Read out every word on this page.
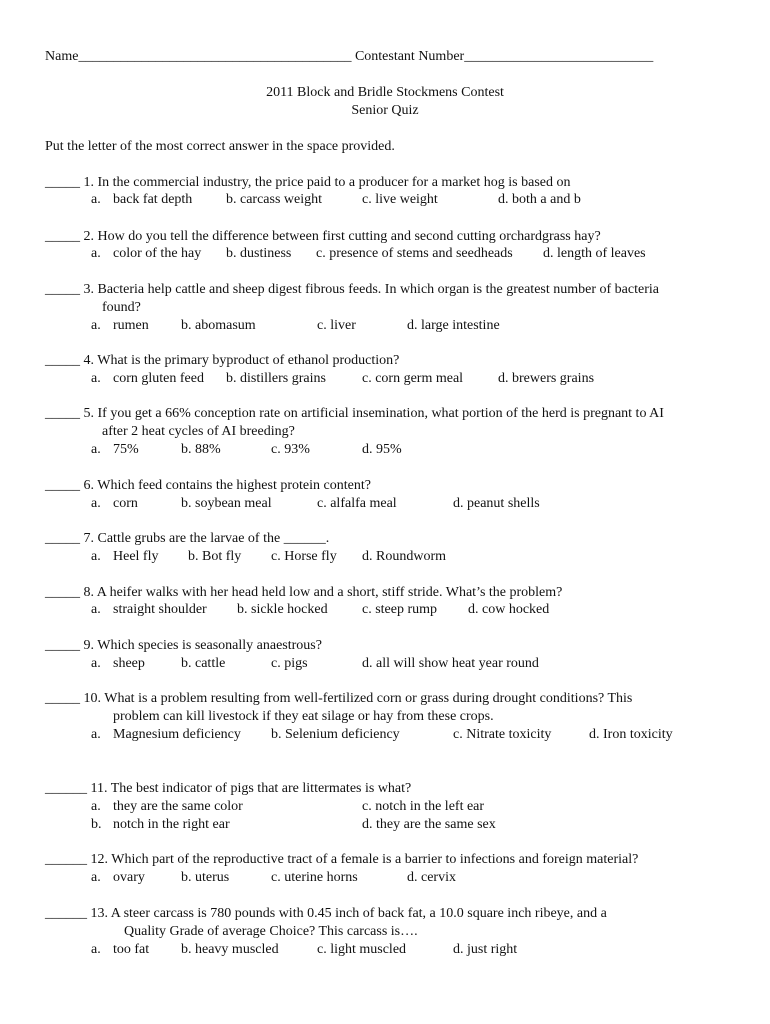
Name_______________________________________ Contestant Number___________________________
2011 Block and Bridle Stockmens Contest
Senior Quiz
Put the letter of the most correct answer in the space provided.
_____ 1. In the commercial industry, the price paid to a producer for a market hog is based on
a. back fat depth b. carcass weight	c. live weight	d. both a and b
_____ 2. How do you tell the difference between first cutting and second cutting orchardgrass hay?
a. color of the hay b. dustiness c. presence of stems and seedheads d. length of leaves
_____ 3. Bacteria help cattle and sheep digest fibrous feeds. In which organ is the greatest number of bacteria
found?
a. rumen b. abomasum	c. liver	d. large intestine
_____ 4. What is the primary byproduct of ethanol production?
a. corn gluten feed b. distillers grains	c. corn germ meal d. brewers grains
_____ 5. If you get a 66% conception rate on artificial insemination, what portion of the herd is pregnant to AI
after 2 heat cycles of AI breeding?
a. 75%	b. 88%	c. 93%	d. 95%
_____ 6. Which feed contains the highest protein content?
a. corn	b. soybean meal	c. alfalfa meal	d. peanut shells
_____ 7. Cattle grubs are the larvae of the ______.
a. Heel fly b. Bot fly c. Horse fly d. Roundworm
_____ 8. A heifer walks with her head held low and a short, stiff stride. What’s the problem?
a. straight shoulder b. sickle hocked c. steep rump d. cow hocked
_____ 9. Which species is seasonally anaestrous?
a. sheep	b. cattle	c. pigs	d. all will show heat year round
_____ 10. What is a problem resulting from well-fertilized corn or grass during drought conditions? This
problem can kill livestock if they eat silage or hay from these crops.
a. Magnesium deficiency b. Selenium deficiency	c. Nitrate toxicity	d. Iron toxicity
______ 11. The best indicator of pigs that are littermates is what?
a. they are the same color	c. notch in the left ear
b. notch in the right ear	d. they are the same sex
______ 12. Which part of the reproductive tract of a female is a barrier to infections and foreign material?
a. ovary	b. uterus	c. uterine horns	d. cervix
______ 13. A steer carcass is 780 pounds with 0.45 inch of back fat, a 10.0 square inch ribeye, and a
Quality Grade of average Choice? This carcass is….
a. too fat b. heavy muscled	c. light muscled	d. just right
